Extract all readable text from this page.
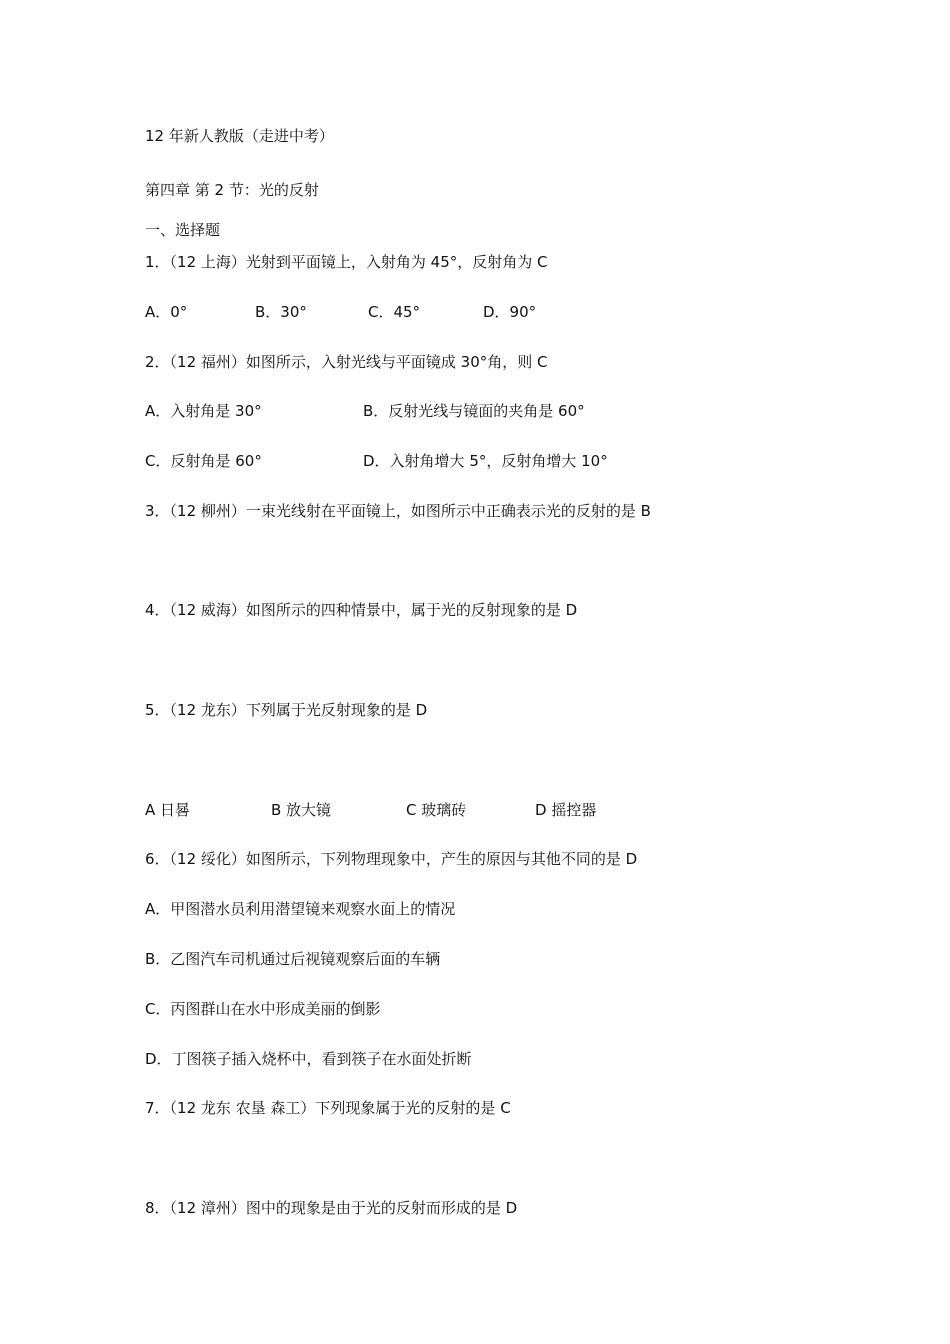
12 年新人教版（走进中考）
第四章 第 2 节：光的反射
一、选择题
1．（12 上海）光射到平面镜上，入射角为 45°，反射角为 C
A．0°	B．30°	C．45°	D．90°
2．（12 福州）如图所示，入射光线与平面镜成 30°角，则 C
A．入射角是 30°	B．反射光线与镜面的夹角是 60°
C．反射角是 60°	D．入射角增大 5°，反射角增大 10°
3．（12 柳州）一束光线射在平面镜上，如图所示中正确表示光的反射的是 B
4．（12 威海）如图所示的四种情景中，属于光的反射现象的是 D
5．（12 龙东）下列属于光反射现象的是 D
A 日晷	B 放大镜	C 玻璃砖	D 摇控器
6．（12 绥化）如图所示，下列物理现象中，产生的原因与其他不同的是 D
A．甲图潜水员利用潜望镜来观察水面上的情况
B．乙图汽车司机通过后视镜观察后面的车辆
C．丙图群山在水中形成美丽的倒影
D．丁图筷子插入烧杯中，看到筷子在水面处折断
7．（12 龙东 农垦 森工）下列现象属于光的反射的是 C
8．（12 漳州）图中的现象是由于光的反射而形成的是 D
